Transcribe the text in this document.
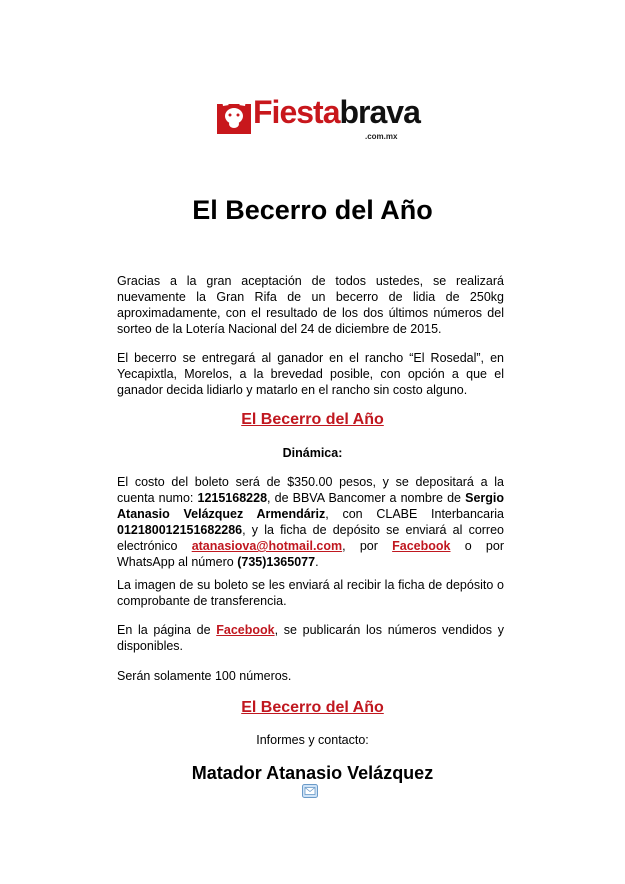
Fiestabrava
.com.mx
El Becerro del Año

Gracias a la gran aceptación de todos ustedes, se realizará nuevamente la Gran Rifa de un becerro de lidia de 250kg aproximadamente, con el resultado de los dos últimos números del sorteo de la Lotería Nacional del 24 de diciembre de 2015.

El becerro se entregará al ganador en el rancho “El Rosedal”, en Yecapixtla, Morelos, a la brevedad posible, con opción a que el ganador decida lidiarlo y matarlo en el rancho sin costo alguno.

El Becerro del Año

Dinámica:

El costo del boleto será de $350.00 pesos, y se depositará a la cuenta numo: 1215168228, de BBVA Bancomer a nombre de Sergio Atanasio Velázquez Armendáriz, con CLABE Interbancaria 012180012151682286, y la ficha de depósito se enviará al correo electrónico atanasiova@hotmail.com, por Facebook o por WhatsApp al número (735)1365077.

La imagen de su boleto se les enviará al recibir la ficha de depósito o comprobante de transferencia.

En la página de Facebook, se publicarán los números vendidos y disponibles.

Serán solamente 100 números.

El Becerro del Año

Informes y contacto:

Matador Atanasio Velázquez
